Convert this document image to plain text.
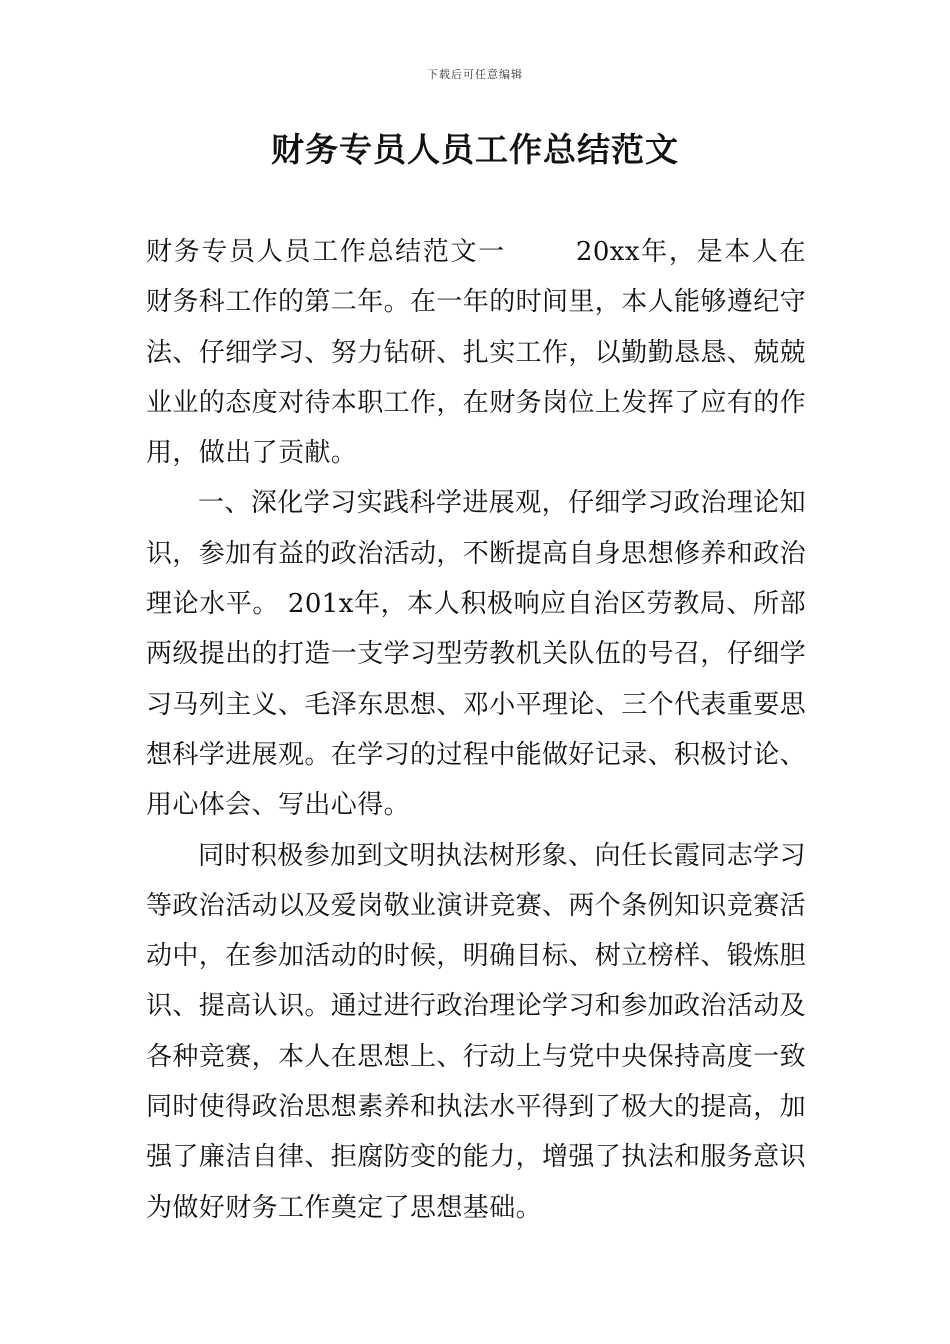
下载后可任意编辑
财务专员人员工作总结范文

财务专员人员工作总结范文一	20xx年，是本人在财务科工作的第二年。在一年的时间里，本人能够遵纪守法、仔细学习、努力钻研、扎实工作，以勤勤恳恳、兢兢业业的态度对待本职工作，在财务岗位上发挥了应有的作用，做出了贡献。

一、深化学习实践科学进展观，仔细学习政治理论知识，参加有益的政治活动，不断提高自身思想修养和政治理论水平。 201x年，本人积极响应自治区劳教局、所部两级提出的打造一支学习型劳教机关队伍的号召，仔细学习马列主义、毛泽东思想、邓小平理论、三个代表重要思想科学进展观。在学习的过程中能做好记录、积极讨论、用心体会、写出心得。

同时积极参加到文明执法树形象、向任长霞同志学习等政治活动以及爱岗敬业演讲竞赛、两个条例知识竞赛活动中，在参加活动的时候，明确目标、树立榜样、锻炼胆识、提高认识。通过进行政治理论学习和参加政治活动及各种竞赛，本人在思想上、行动上与党中央保持高度一致同时使得政治思想素养和执法水平得到了极大的提高，加强了廉洁自律、拒腐防变的能力，增强了执法和服务意识为做好财务工作奠定了思想基础。
